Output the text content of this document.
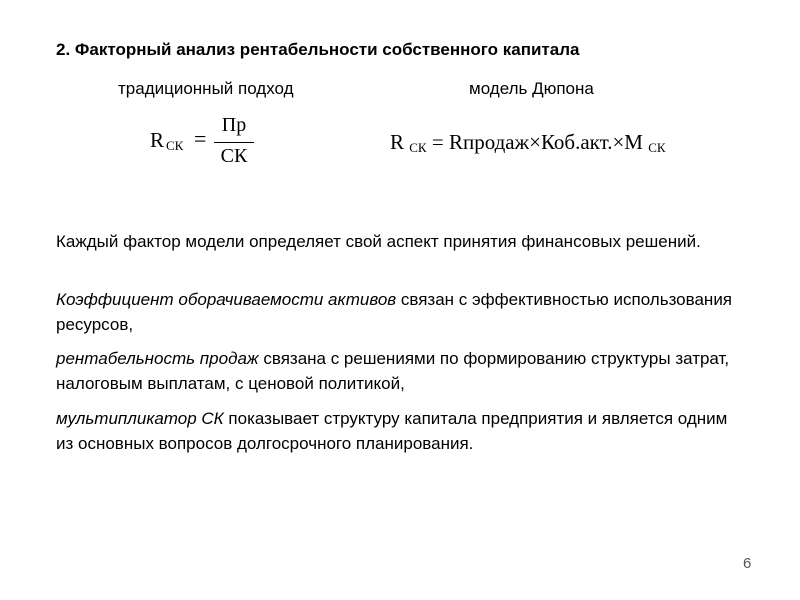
2. Факторный анализ рентабельности собственного капитала
традиционный подход	модель Дюпона
R СК =
Пр
СК
R СК = Rпродаж×Коб.акт.×M СК
Каждый фактор модели определяет свой аспект принятия финансовых решений.
Коэффициент оборачиваемости активов связан с эффективностью использования ресурсов,
рентабельность продаж связана с решениями по формированию структуры затрат, налоговым выплатам, с ценовой политикой,
мультипликатор СК показывает структуру капитала предприятия и является одним из основных вопросов долгосрочного планирования.
6
